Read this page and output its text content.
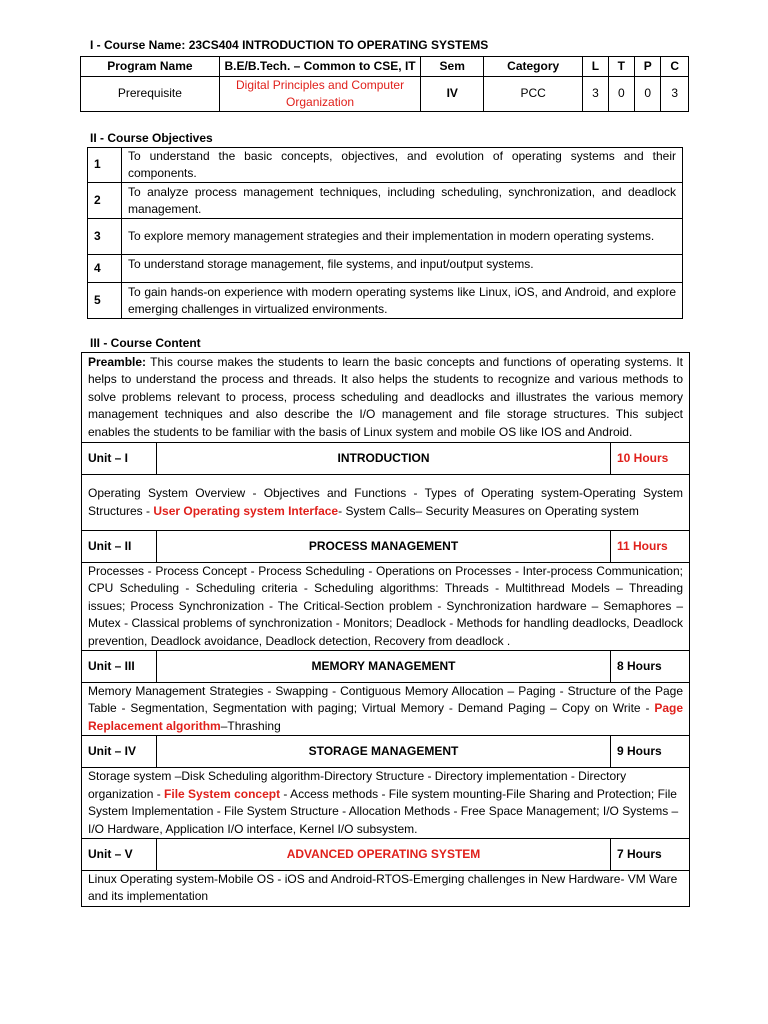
I - Course Name: 23CS404 INTRODUCTION TO OPERATING SYSTEMS
Program Name	B.E/B.Tech. – Common to CSE, IT	Sem	Category	L	T	P	C
Prerequisite	Digital Principles and Computer Organization	IV	PCC	3	0	0	3
II - Course Objectives
1	To understand the basic concepts, objectives, and evolution of operating systems and their components.
2	To analyze process management techniques, including scheduling, synchronization, and deadlock management.
3	To explore memory management strategies and their implementation in modern operating systems.
4	To understand storage management, file systems, and input/output systems.
5	To gain hands-on experience with modern operating systems like Linux, iOS, and Android, and explore emerging challenges in virtualized environments.
III - Course Content
Preamble: This course makes the students to learn the basic concepts and functions of operating systems. It helps to understand the process and threads. It also helps the students to recognize and various methods to solve problems relevant to process, process scheduling and deadlocks and illustrates the various memory management techniques and also describe the I/O management and file storage structures. This subject enables the students to be familiar with the basis of Linux system and mobile OS like IOS and Android.		
Unit – I	INTRODUCTION	10 Hours
Operating System Overview - Objectives and Functions - Types of Operating system-Operating System Structures - User Operating system Interface- System Calls– Security Measures on Operating system		
Unit – II	PROCESS MANAGEMENT	11 Hours
Processes - Process Concept - Process Scheduling - Operations on Processes - Inter-process Communication; CPU Scheduling - Scheduling criteria - Scheduling algorithms: Threads - Multithread Models – Threading issues; Process Synchronization - The Critical-Section problem - Synchronization hardware – Semaphores – Mutex - Classical problems of synchronization - Monitors; Deadlock - Methods for handling deadlocks, Deadlock prevention, Deadlock avoidance, Deadlock detection, Recovery from deadlock .		
Unit – III	MEMORY MANAGEMENT	8 Hours
Memory Management Strategies - Swapping - Contiguous Memory Allocation – Paging - Structure of the Page Table - Segmentation, Segmentation with paging; Virtual Memory - Demand Paging – Copy on Write - Page Replacement algorithm–Thrashing		
Unit – IV	STORAGE MANAGEMENT	9 Hours
Storage system –Disk Scheduling algorithm-Directory Structure - Directory implementation - Directory organization - File System concept - Access methods - File system mounting-File Sharing and Protection; File System Implementation - File System Structure - Allocation Methods - Free Space Management; I/O Systems – I/O Hardware, Application I/O interface, Kernel I/O subsystem.		
Unit – V	ADVANCED OPERATING SYSTEM	7 Hours
Linux Operating system-Mobile OS - iOS and Android-RTOS-Emerging challenges in New Hardware- VM Ware and its implementation		
